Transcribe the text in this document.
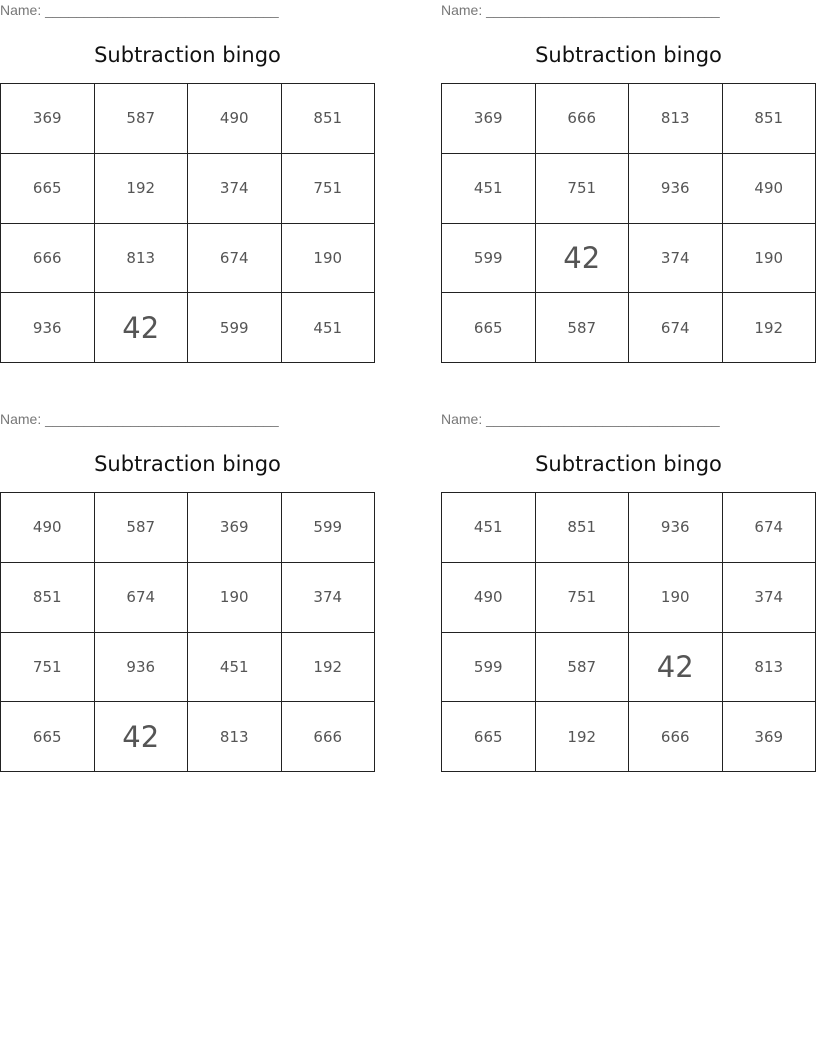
Name: ______________________________
Subtraction bingo
369	587	490	851
665	192	374	751
666	813	674	190
936	42	599	451
Name: ______________________________
Subtraction bingo
369	666	813	851
451	751	936	490
599	42	374	190
665	587	674	192
Name: ______________________________
Subtraction bingo
490	587	369	599
851	674	190	374
751	936	451	192
665	42	813	666
Name: ______________________________
Subtraction bingo
451	851	936	674
490	751	190	374
599	587	42	813
665	192	666	369
